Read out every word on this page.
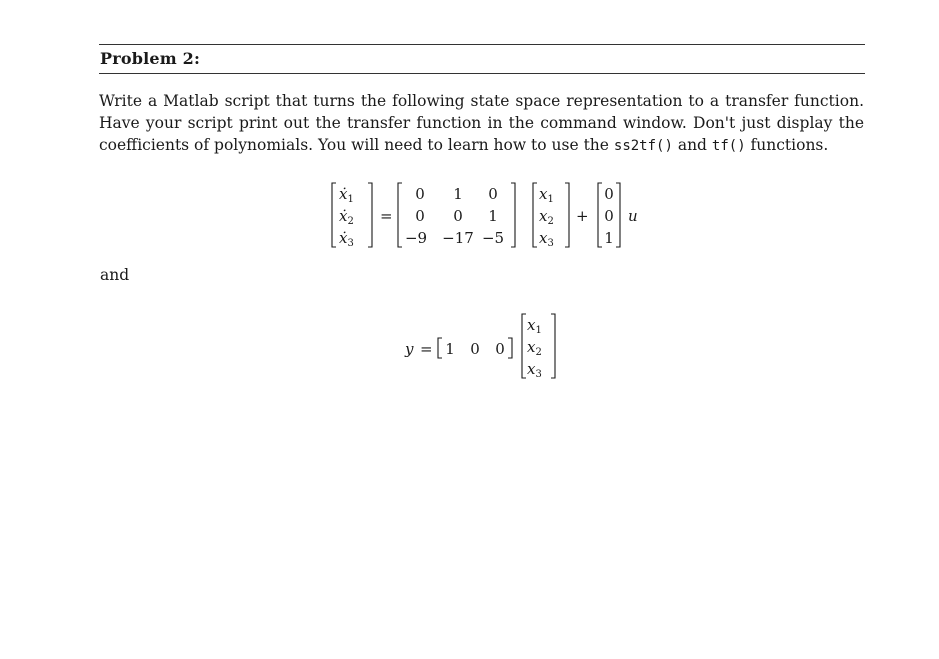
Problem 2:
Write a Matlab script that turns the following state space representation to a transfer function. Have your script print out the transfer function in the command window. Don't just display the coefficients of polynomials. You will need to learn how to use the ss2tf() and tf() functions.
ẋ$_1$
ẋ$_2$
ẋ$_3$
=
0 1 0
0 0 1
−9 −17 −5
$x_1$
$x_2$
$x_3$
+
0
0
1
u
and
y = 1 0 0
$x_1$
$x_2$
$x_3$
